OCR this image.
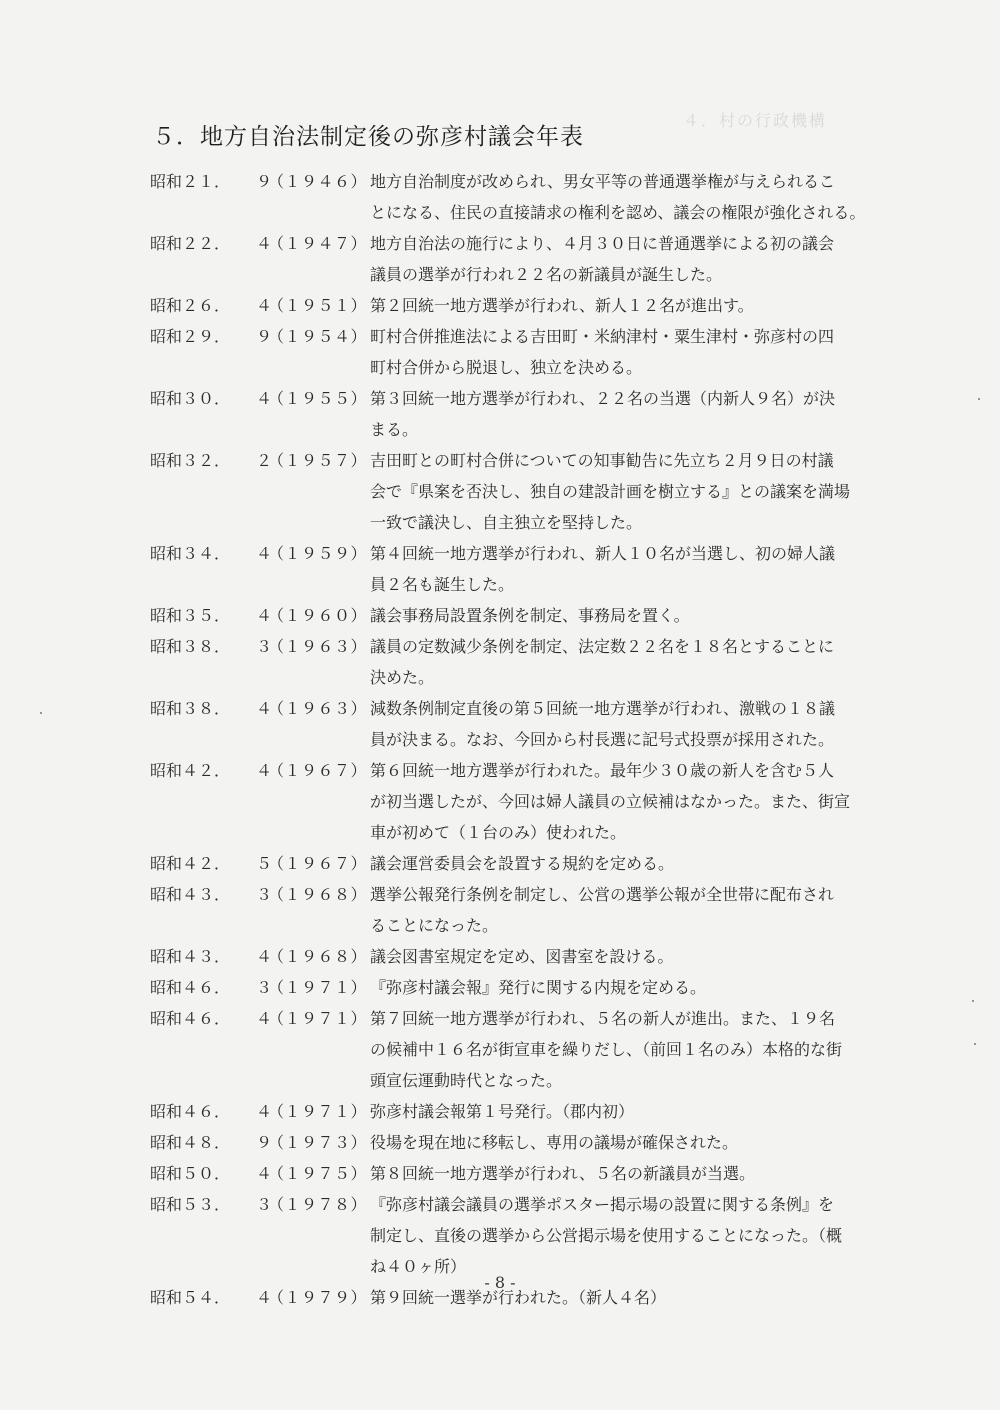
４．村の行政機構
５．地方自治法制定後の弥彦村議会年表
昭和２１． ９
（１９４６） 地方自治制度が改められ、男女平等の普通選挙権が与えられるこ
とになる、住民の直接請求の権利を認め、議会の権限が強化される。
昭和２２． ４
（１９４７） 地方自治法の施行により、４月３０日に普通選挙による初の議会
議員の選挙が行われ２２名の新議員が誕生した。
昭和２６． ４
（１９５１） 第２回統一地方選挙が行われ、新人１２名が進出す。
昭和２９． ９
（１９５４） 町村合併推進法による吉田町・米納津村・粟生津村・弥彦村の四
町村合併から脱退し、独立を決める。
昭和３０． ４
（１９５５） 第３回統一地方選挙が行われ、２２名の当選（内新人９名）が決
まる。
昭和３２． ２
（１９５７） 吉田町との町村合併についての知事勧告に先立ち２月９日の村議
会で『県案を否決し、独自の建設計画を樹立する』との議案を満場
一致で議決し、自主独立を堅持した。
昭和３４． ４
（１９５９） 第４回統一地方選挙が行われ、新人１０名が当選し、初の婦人議
員２名も誕生した。
昭和３５． ４
（１９６０） 議会事務局設置条例を制定、事務局を置く。
昭和３８． ３
（１９６３） 議員の定数減少条例を制定、法定数２２名を１８名とすることに
決めた。
昭和３８． ４
（１９６３） 減数条例制定直後の第５回統一地方選挙が行われ、激戦の１８議
員が決まる。なお、今回から村長選に記号式投票が採用された。
昭和４２． ４
（１９６７） 第６回統一地方選挙が行われた。最年少３０歳の新人を含む５人
が初当選したが、今回は婦人議員の立候補はなかった。また、街宣
車が初めて（１台のみ）使われた。
昭和４２． ５
（１９６７） 議会運営委員会を設置する規約を定める。
昭和４３． ３
（１９６８） 選挙公報発行条例を制定し、公営の選挙公報が全世帯に配布され
ることになった。
昭和４３． ４
（１９６８） 議会図書室規定を定め、図書室を設ける。
昭和４６． ３
（１９７１） 『弥彦村議会報』発行に関する内規を定める。
昭和４６． ４
（１９７１） 第７回統一地方選挙が行われ、５名の新人が進出。また、１９名
の候補中１６名が街宣車を繰りだし、（前回１名のみ）本格的な街
頭宣伝運動時代となった。
昭和４６． ４
（１９７１） 弥彦村議会報第１号発行。（郡内初）
昭和４８． ９
（１９７３） 役場を現在地に移転し、専用の議場が確保された。
昭和５０． ４
（１９７５） 第８回統一地方選挙が行われ、５名の新議員が当選。
昭和５３． ３
（１９７８） 『弥彦村議会議員の選挙ポスター掲示場の設置に関する条例』を
制定し、直後の選挙から公営掲示場を使用することになった。（概
ね４０ヶ所）
昭和５４． ４
（１９７９） 第９回統一選挙が行われた。（新人４名）
- 8 -
